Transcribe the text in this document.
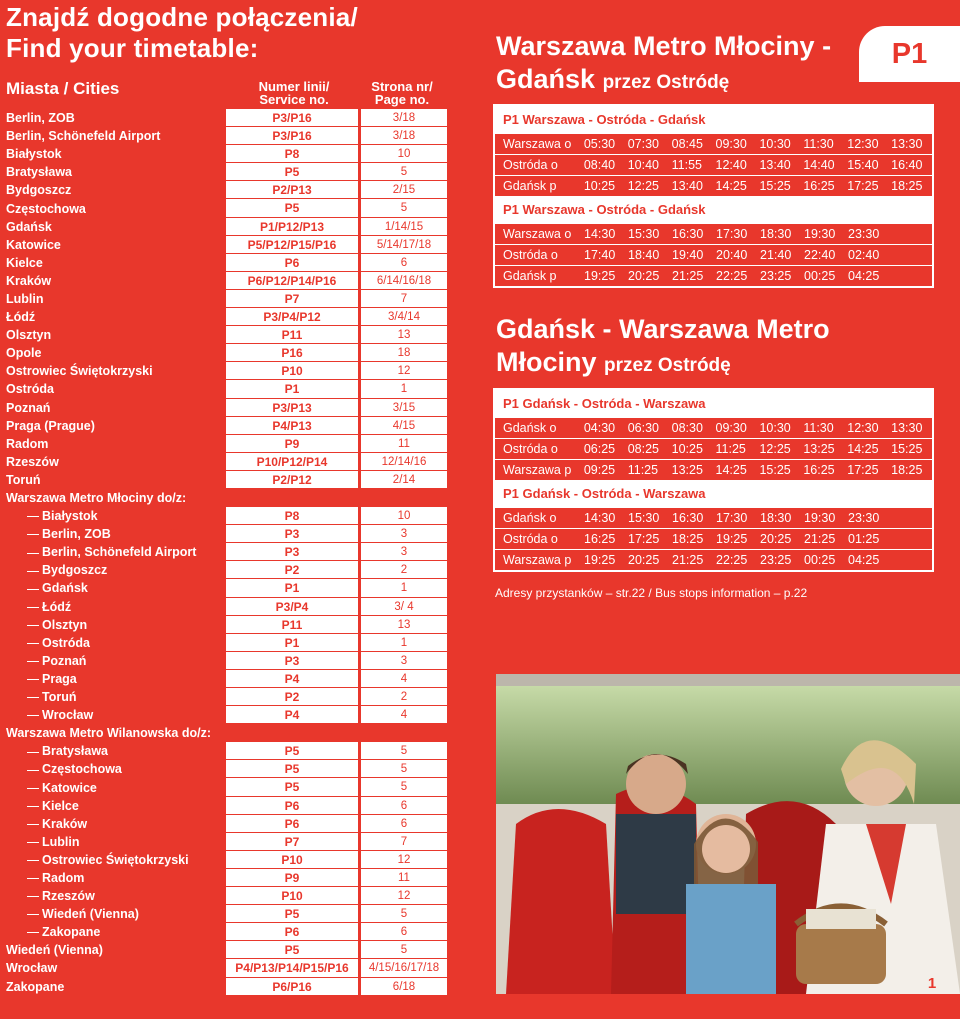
Znajdź dogodne połączenia/
Find your timetable:
Miasta / Cities	Numer linii/
Service no.
Strona nr/
Page no.
Berlin, ZOB	P3/P16	3/18
Berlin, Schönefeld Airport	P3/P16	3/18
Białystok	P8	10
Bratysława	P5	5
Bydgoszcz	P2/P13	2/15
Częstochowa	P5	5
Gdańsk	P1/P12/P13	1/14/15
Katowice	P5/P12/P15/P16	5/14/17/18
Kielce	P6	6
Kraków	P6/P12/P14/P16	6/14/16/18
Lublin	P7	7
Łódź	P3/P4/P12	3/4/14
Olsztyn	P11	13
Opole	P16	18
Ostrowiec Świętokrzyski	P10	12
Ostróda	P1	1
Poznań	P3/P13	3/15
Praga (Prague)	P4/P13	4/15
Radom	P9	11
Rzeszów	P10/P12/P14	12/14/16
Toruń	P2/P12	2/14
Warszawa Metro Młociny do/z:
Białystok	P8	10
Berlin, ZOB	P3	3
Berlin, Schönefeld Airport	P3	3
Bydgoszcz	P2	2
Gdańsk	P1	1
Łódź	P3/P4	3/ 4
Olsztyn	P11	13
Ostróda	P1	1
Poznań	P3	3
Praga	P4	4
Toruń	P2	2
Wrocław	P4	4
Warszawa Metro Wilanowska do/z:
Bratysława	P5	5
Częstochowa	P5	5
Katowice	P5	5
Kielce	P6	6
Kraków	P6	6
Lublin	P7	7
Ostrowiec Świętokrzyski	P10	12
Radom	P9	11
Rzeszów	P10	12
Wiedeń (Vienna)	P5	5
Zakopane	P6	6
Wiedeń (Vienna)	P5	5
Wrocław	P4/P13/P14/P15/P16	4/15/16/17/18
Zakopane	P6/P16	6/18
Warszawa Metro Młociny -
Gdańsk przez Ostródę
P1
P1 Warszawa - Ostróda - Gdańsk
Warszawa o	05:30	07:30	08:45	09:30	10:30	11:30	12:30	13:30
Ostróda o	08:40	10:40	11:55	12:40	13:40	14:40	15:40	16:40
Gdańsk p	10:25	12:25	13:40	14:25	15:25	16:25	17:25	18:25
P1 Warszawa - Ostróda - Gdańsk
Warszawa o	14:30	15:30	16:30	17:30	18:30	19:30	23:30
Ostróda o	17:40	18:40	19:40	20:40	21:40	22:40	02:40
Gdańsk p	19:25	20:25	21:25	22:25	23:25	00:25	04:25
Gdańsk - Warszawa Metro
Młociny przez Ostródę
P1 Gdańsk - Ostróda - Warszawa
Gdańsk o	04:30	06:30	08:30	09:30	10:30	11:30	12:30	13:30
Ostróda o	06:25	08:25	10:25	11:25	12:25	13:25	14:25	15:25
Warszawa p	09:25	11:25	13:25	14:25	15:25	16:25	17:25	18:25
P1 Gdańsk - Ostróda - Warszawa
Gdańsk o	14:30	15:30	16:30	17:30	18:30	19:30	23:30
Ostróda o	16:25	17:25	18:25	19:25	20:25	21:25	01:25
Warszawa p	19:25	20:25	21:25	22:25	23:25	00:25	04:25
Adresy przystanków – str.22 / Bus stops information – p.22
1
